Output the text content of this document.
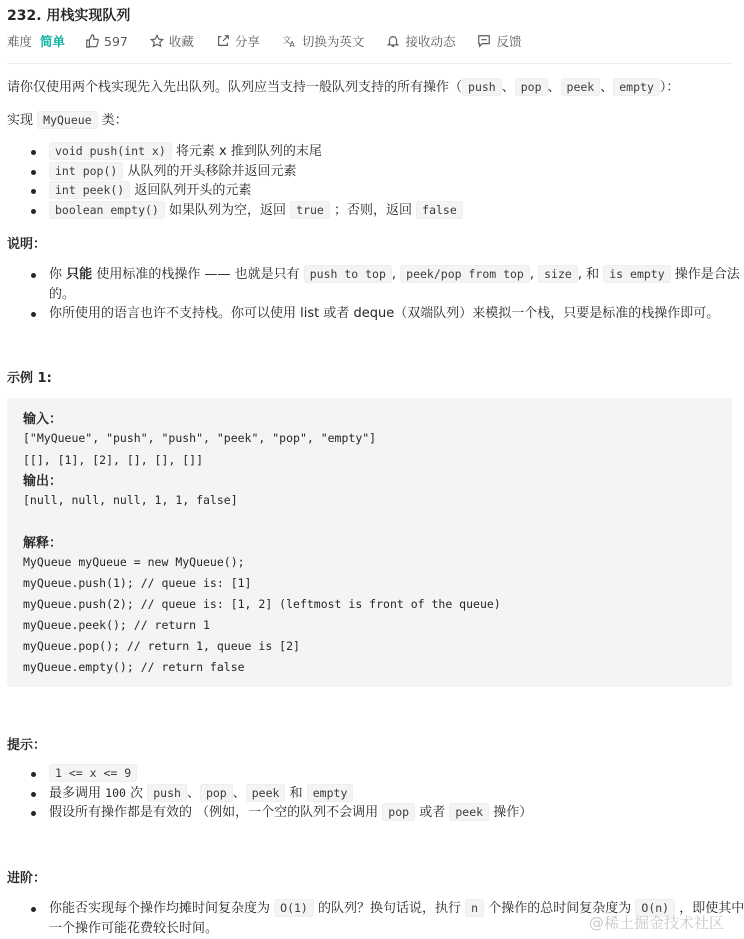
232. 用栈实现队列
难度 简单	597	收藏	分享 文
A 切换为英文	接收动态	反馈
请你仅使用两个栈实现先入先出队列。队列应当支持一般队列支持的所有操作（ push 、 pop 、 peek 、 empty ）：
实现 MyQueue 类：
void push(int x) 将元素 x 推到队列的末尾
int pop() 从队列的开头移除并返回元素
int peek() 返回队列开头的元素
boolean empty() 如果队列为空，返回 true ；否则，返回 false
说明：
你 只能 使用标准的栈操作 —— 也就是只有 push to top , peek/pop from top , size , 和 is empty 操作是合法
的。
你所使用的语言也许不支持栈。你可以使用 list 或者 deque（双端队列）来模拟一个栈，只要是标准的栈操作即可。
示例 1:
输入：
["MyQueue", "push", "push", "peek", "pop", "empty"]
[[], [1], [2], [], [], []]
输出：
[null, null, null, 1, 1, false]
解释：
MyQueue myQueue = new MyQueue();
myQueue.push(1); // queue is: [1]
myQueue.push(2); // queue is: [1, 2] (leftmost is front of the queue)
myQueue.peek(); // return 1
myQueue.pop(); // return 1, queue is [2]
myQueue.empty(); // return false
提示：
1 <= x <= 9
最多调用 100 次 push 、 pop 、 peek 和 empty
假设所有操作都是有效的 （例如，一个空的队列不会调用 pop 或者 peek 操作）
进阶：
你能否实现每个操作均摊时间复杂度为 O(1) 的队列？换句话说，执行 n 个操作的总时间复杂度为 O(n) ，即使其中
一个操作可能花费较长时间。	@稀土掘金技术社区
